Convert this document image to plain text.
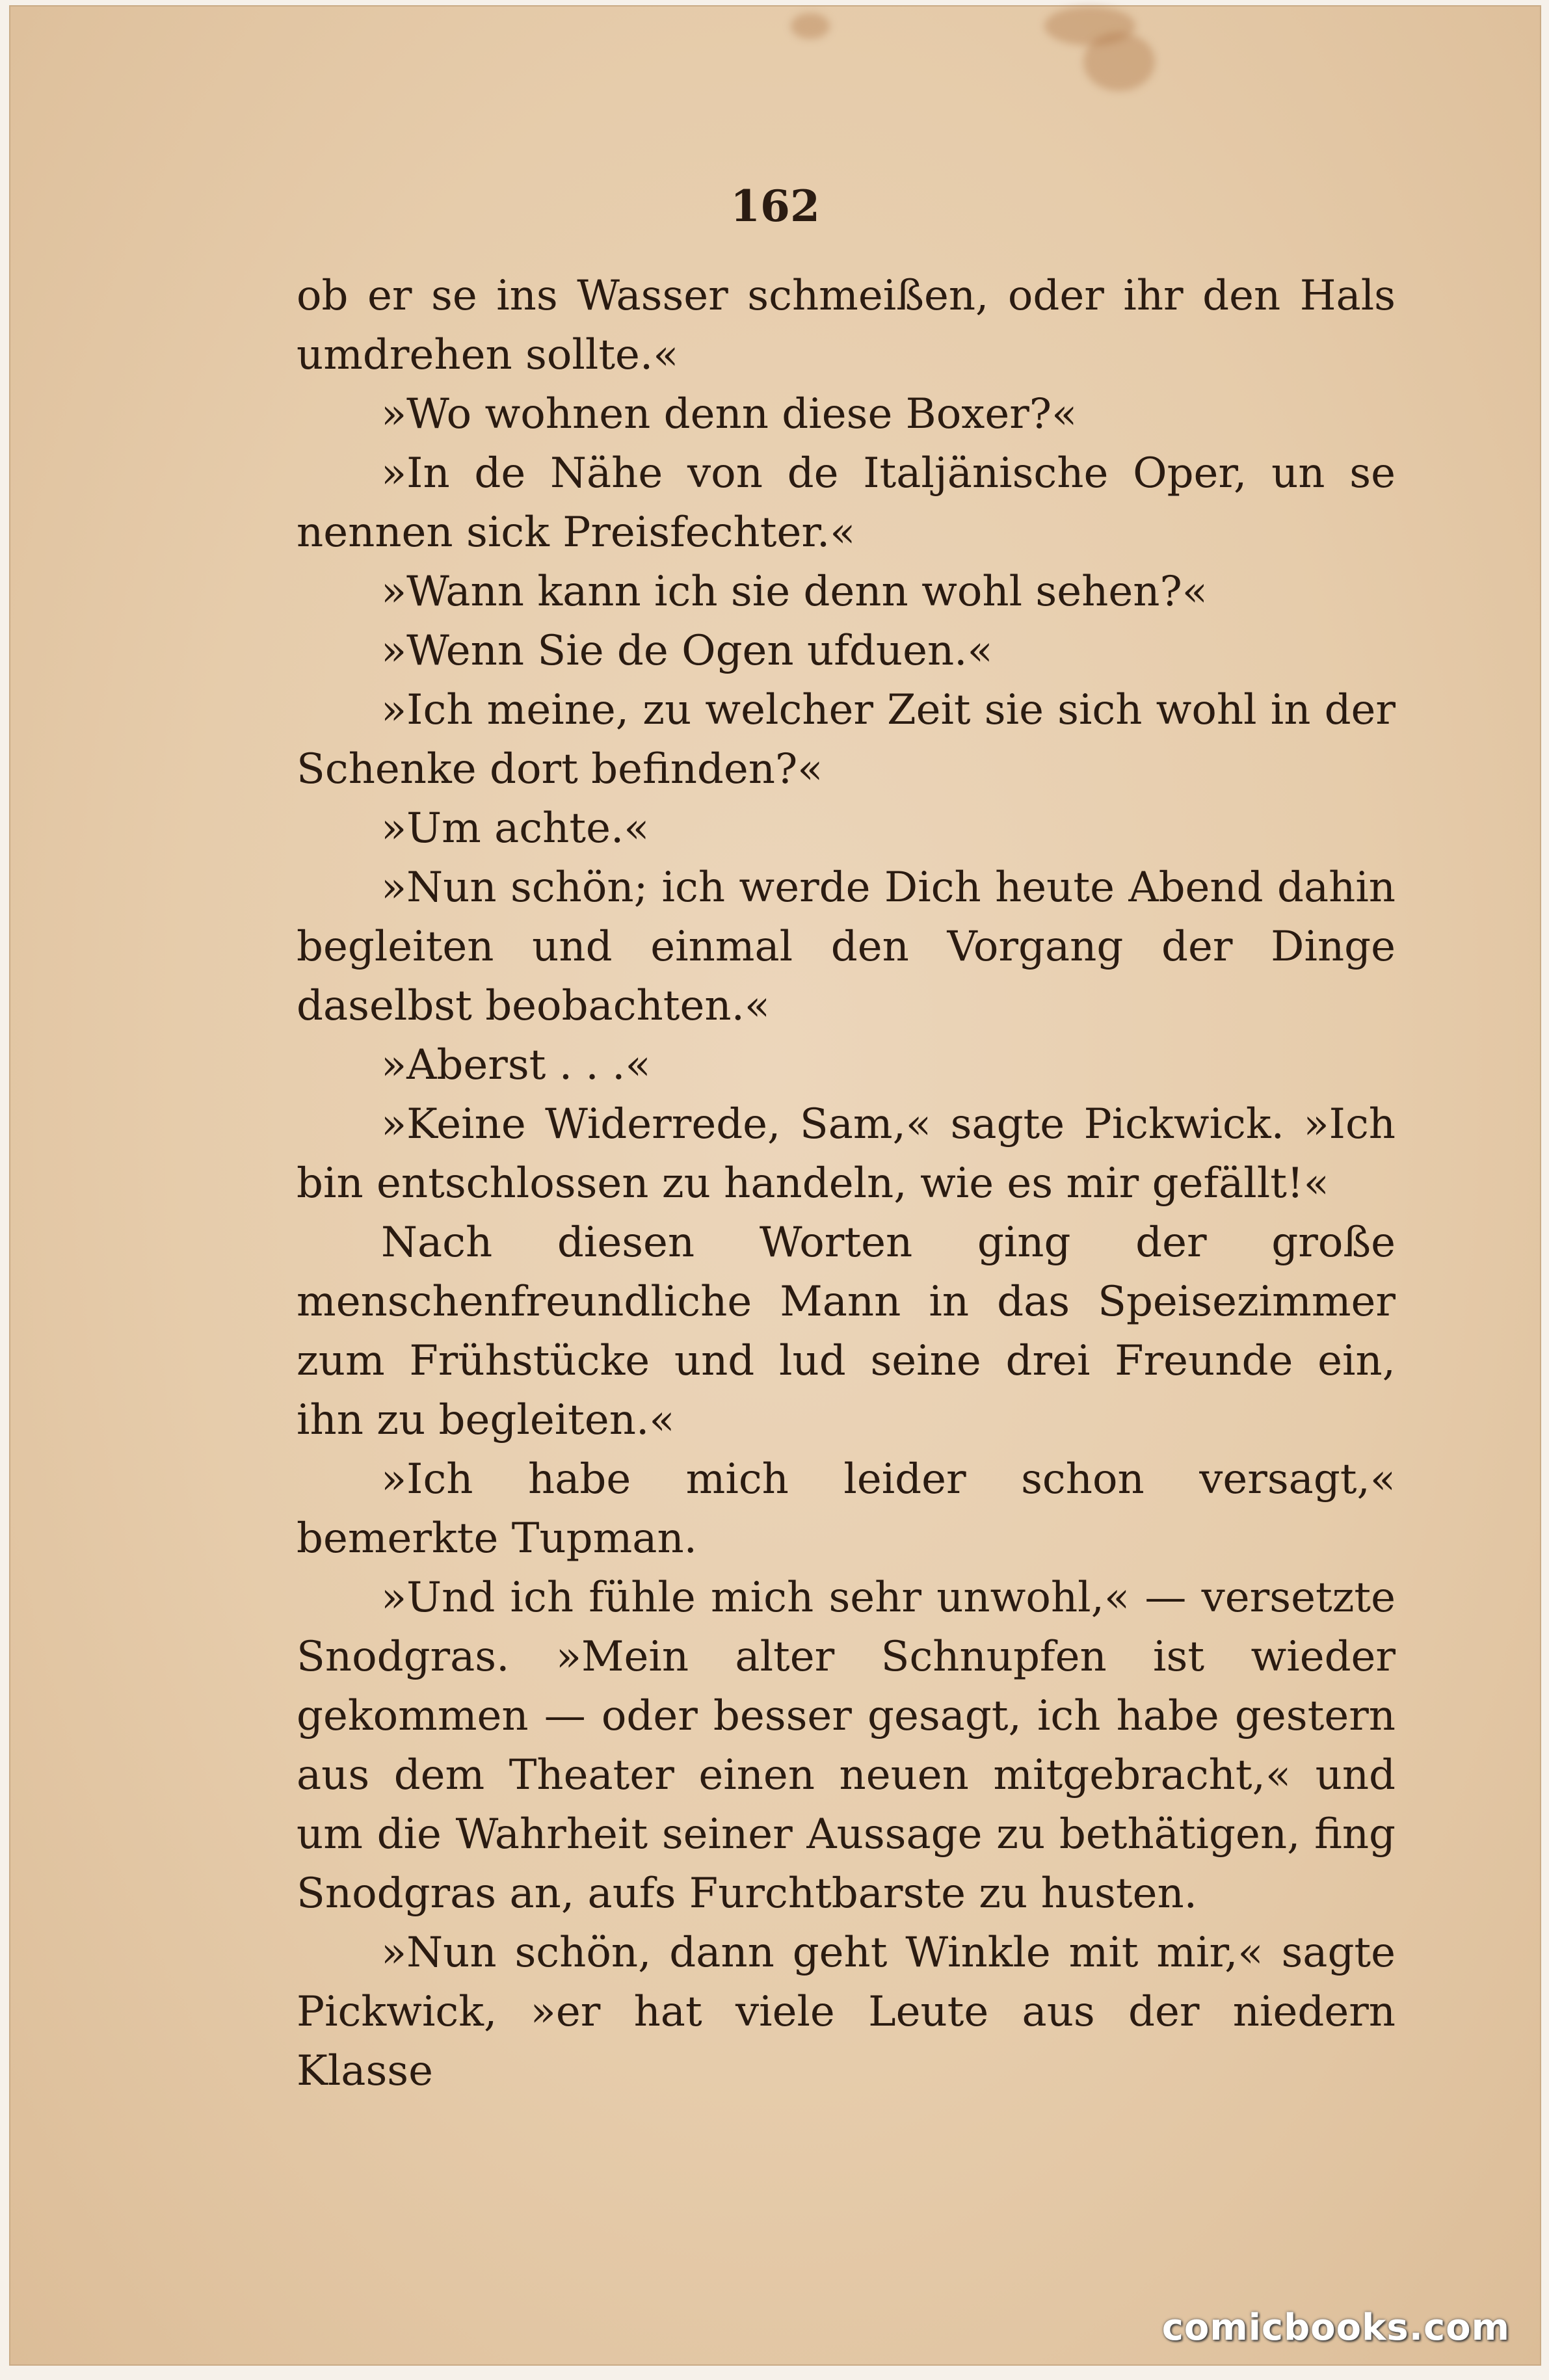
162

ob er se ins Wasser schmeißen, oder ihr den Hals umdrehen sollte.«

»Wo wohnen denn diese Boxer?«

»In de Nähe von de Italjänische Oper, un se nennen sick Preisfechter.«

»Wann kann ich sie denn wohl sehen?«

»Wenn Sie de Ogen ufduen.«

»Ich meine, zu welcher Zeit sie sich wohl in der Schenke dort befinden?«

»Um achte.«

»Nun schön; ich werde Dich heute Abend dahin begleiten und einmal den Vorgang der Dinge daselbst beobachten.«

»Aberst . . .«

»Keine Widerrede, Sam,« sagte Pickwick. »Ich bin entschlossen zu handeln, wie es mir gefällt!«

Nach diesen Worten ging der große menschenfreundliche Mann in das Speisezimmer zum Frühstücke und lud seine drei Freunde ein, ihn zu begleiten.«

»Ich habe mich leider schon versagt,« bemerkte Tupman.

»Und ich fühle mich sehr unwohl,« — versetzte Snodgras. »Mein alter Schnupfen ist wieder gekommen — oder besser gesagt, ich habe gestern aus dem Theater einen neuen mitgebracht,« und um die Wahrheit seiner Aussage zu bethätigen, fing Snodgras an, aufs Furchtbarste zu husten.

»Nun schön, dann geht Winkle mit mir,« sagte Pickwick, »er hat viele Leute aus der niedern Klasse

comicbooks.com
